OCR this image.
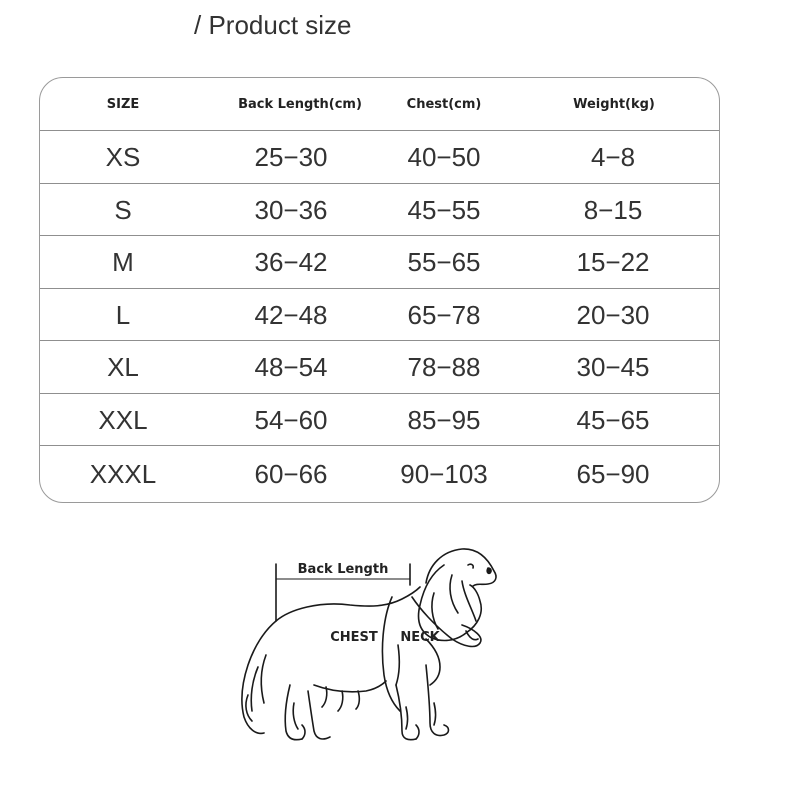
/ Product size
SIZE	Back Length(cm)	Chest(cm)	Weight(kg)
XS	25−30	40−50	4−8
S	30−36	45−55	8−15
M	36−42	55−65	15−22
L	42−48	65−78	20−30
XL	48−54	78−88	30−45
XXL	54−60	85−95	45−65
XXXL	60−66	90−103	65−90
Back Length
CHEST NECK
